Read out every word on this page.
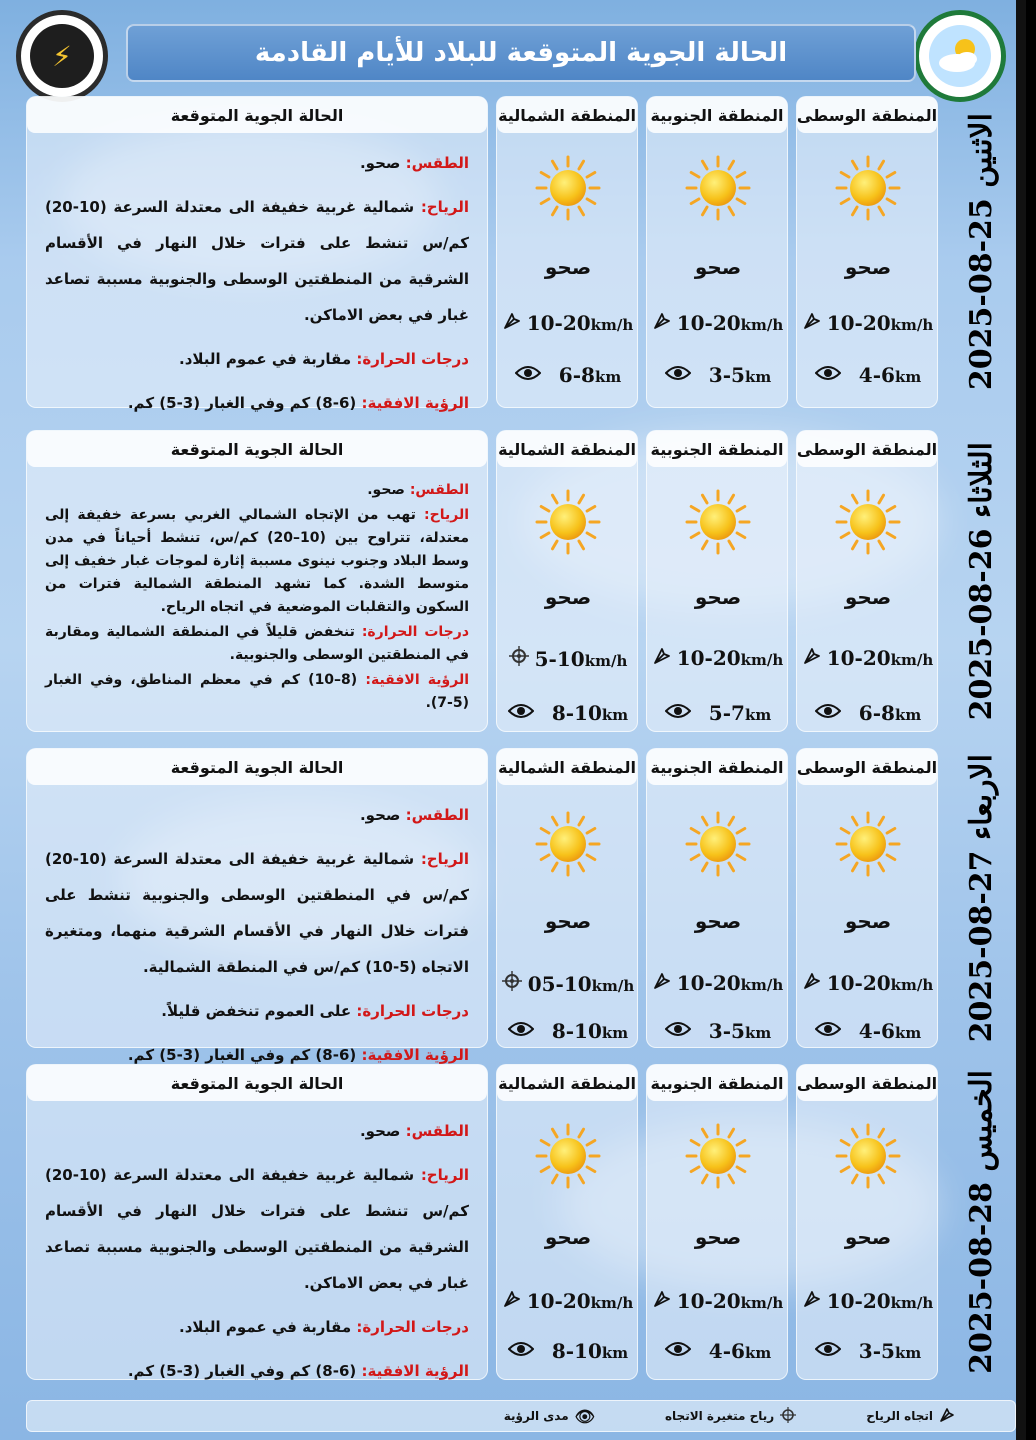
⚡	الحالة الجوية المتوقعة للبلاد للأيام القادمة
الاثنين 25-08-2025
الحالة الجوية المتوقعة

الطقس: صحو.

الرياح: شمالية غربية خفيفة الى معتدلة السرعة (10-20) كم/س تنشط على فترات خلال النهار في الأقسام الشرقية من المنطقتين الوسطى والجنوبية مسببة تصاعد غبار في بعض الاماكن.

درجات الحرارة: مقاربة في عموم البلاد.

الرؤية الافقية: (6-8) كم وفي الغبار (3-5) كم.

المنطقة الوسطى
صحو
10-20km/h
4-6km
المنطقة الجنوبية
صحو
10-20km/h
3-5km
المنطقة الشمالية
صحو
10-20km/h
6-8km
الثلاثاء 26-08-2025
الحالة الجوية المتوقعة

الطقس: صحو.

الرياح: تهب من الإتجاه الشمالي الغربي بسرعة خفيفة إلى معتدلة، تتراوح بين (10–20) كم/س، تنشط أحياناً في مدن وسط البلاد وجنوب نينوى مسببة إثارة لموجات غبار خفيف إلى متوسط الشدة. كما تشهد المنطقة الشمالية فترات من السكون والتقلبات الموضعية في اتجاه الرياح.

درجات الحرارة: تنخفض قليلاً في المنطقة الشمالية ومقاربة في المنطقتين الوسطى والجنوبية.

الرؤية الافقية: (8–10) كم في معظم المناطق، وفي الغبار (5-7).

المنطقة الوسطى
صحو
10-20km/h
6-8km
المنطقة الجنوبية
صحو
10-20km/h
5-7km
المنطقة الشمالية
صحو
5-10km/h
8-10km
الاربعاء 27-08-2025
الحالة الجوية المتوقعة

الطقس: صحو.

الرياح: شمالية غربية خفيفة الى معتدلة السرعة (10-20) كم/س في المنطقتين الوسطى والجنوبية تنشط على فترات خلال النهار في الأقسام الشرقية منهما، ومتغيرة الاتجاه (5-10) كم/س في المنطقة الشمالية.

درجات الحرارة: على العموم تنخفض قليلاً.

الرؤية الافقية: (6-8) كم وفي الغبار (3-5) كم.

المنطقة الوسطى
صحو
10-20km/h
4-6km
المنطقة الجنوبية
صحو
10-20km/h
3-5km
المنطقة الشمالية
صحو
05-10km/h
8-10km
الخميس 28-08-2025
الحالة الجوية المتوقعة

الطقس: صحو.

الرياح: شمالية غربية خفيفة الى معتدلة السرعة (10-20) كم/س تنشط على فترات خلال النهار في الأقسام الشرقية من المنطقتين الوسطى والجنوبية مسببة تصاعد غبار في بعض الاماكن.

درجات الحرارة: مقاربة في عموم البلاد.

الرؤية الافقية: (6-8) كم وفي الغبار (3-5) كم.

المنطقة الوسطى
صحو
10-20km/h
3-5km
المنطقة الجنوبية
صحو
10-20km/h
4-6km
المنطقة الشمالية
صحو
10-20km/h
8-10km
اتجاه الرياح
رياح متغيرة الاتجاه
👁
مدى الرؤية
